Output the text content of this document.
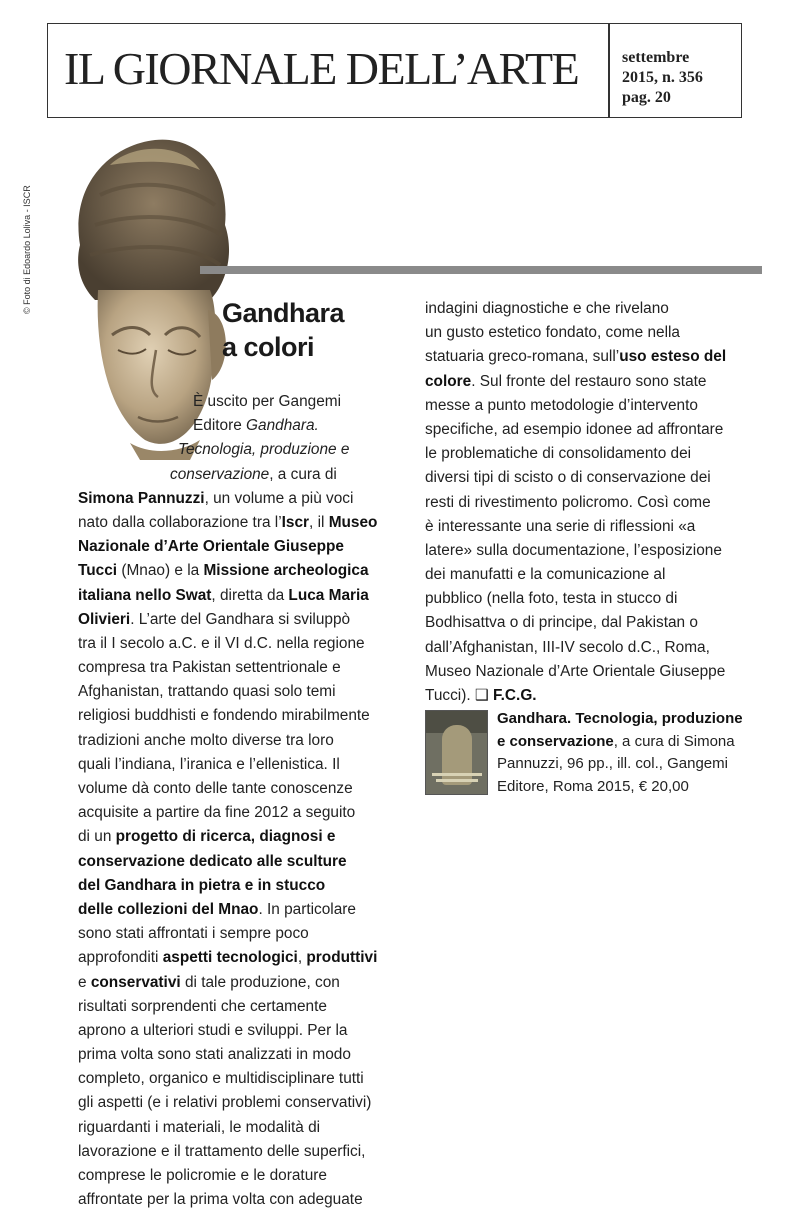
IL GIORNALE DELL’ARTE	settembre
2015, n. 356
pag. 20
© Foto di Edoardo Loliva - ISCR	Gandhara
a colori
È uscito per Gangemi
Editore Gandhara.
Tecnologia, produzione e
conservazione, a cura di
Simona Pannuzzi, un volume a più voci
nato dalla collaborazione tra l’Iscr, il Museo
Nazionale d’Arte Orientale Giuseppe
Tucci (Mnao) e la Missione archeologica
italiana nello Swat, diretta da Luca Maria
Olivieri. L’arte del Gandhara si sviluppò
tra il I secolo a.C. e il VI d.C. nella regione
compresa tra Pakistan settentrionale e
Afghanistan, trattando quasi solo temi
religiosi buddhisti e fondendo mirabilmente
tradizioni anche molto diverse tra loro
quali l’indiana, l’iranica e l’ellenistica. Il
volume dà conto delle tante conoscenze
acquisite a partire da fine 2012 a seguito
di un progetto di ricerca, diagnosi e
conservazione dedicato alle sculture
del Gandhara in pietra e in stucco
delle collezioni del Mnao. In particolare
sono stati affrontati i sempre poco
approfonditi aspetti tecnologici, produttivi
e conservativi di tale produzione, con
risultati sorprendenti che certamente
aprono a ulteriori studi e sviluppi. Per la
prima volta sono stati analizzati in modo
completo, organico e multidisciplinare tutti
gli aspetti (e i relativi problemi conservativi)
riguardanti i materiali, le modalità di
lavorazione e il trattamento delle superfici,
comprese le policromie e le dorature
affrontate per la prima volta con adeguate
indagini diagnostiche e che rivelano
un gusto estetico fondato, come nella
statuaria greco-romana, sull’uso esteso del
colore. Sul fronte del restauro sono state
messe a punto metodologie d’intervento
specifiche, ad esempio idonee ad affrontare
le problematiche di consolidamento dei
diversi tipi di scisto o di conservazione dei
resti di rivestimento policromo. Così come
è interessante una serie di riflessioni «a
latere» sulla documentazione, l’esposizione
dei manufatti e la comunicazione al
pubblico (nella foto, testa in stucco di
Bodhisattva o di principe, dal Pakistan o
dall’Afghanistan, III-IV secolo d.C., Roma,
Museo Nazionale d’Arte Orientale Giuseppe
Tucci). ❑ F.C.G.
Gandhara. Tecnologia, produzione
e conservazione, a cura di Simona
Pannuzzi, 96 pp., ill. col., Gangemi
Editore, Roma 2015, € 20,00
